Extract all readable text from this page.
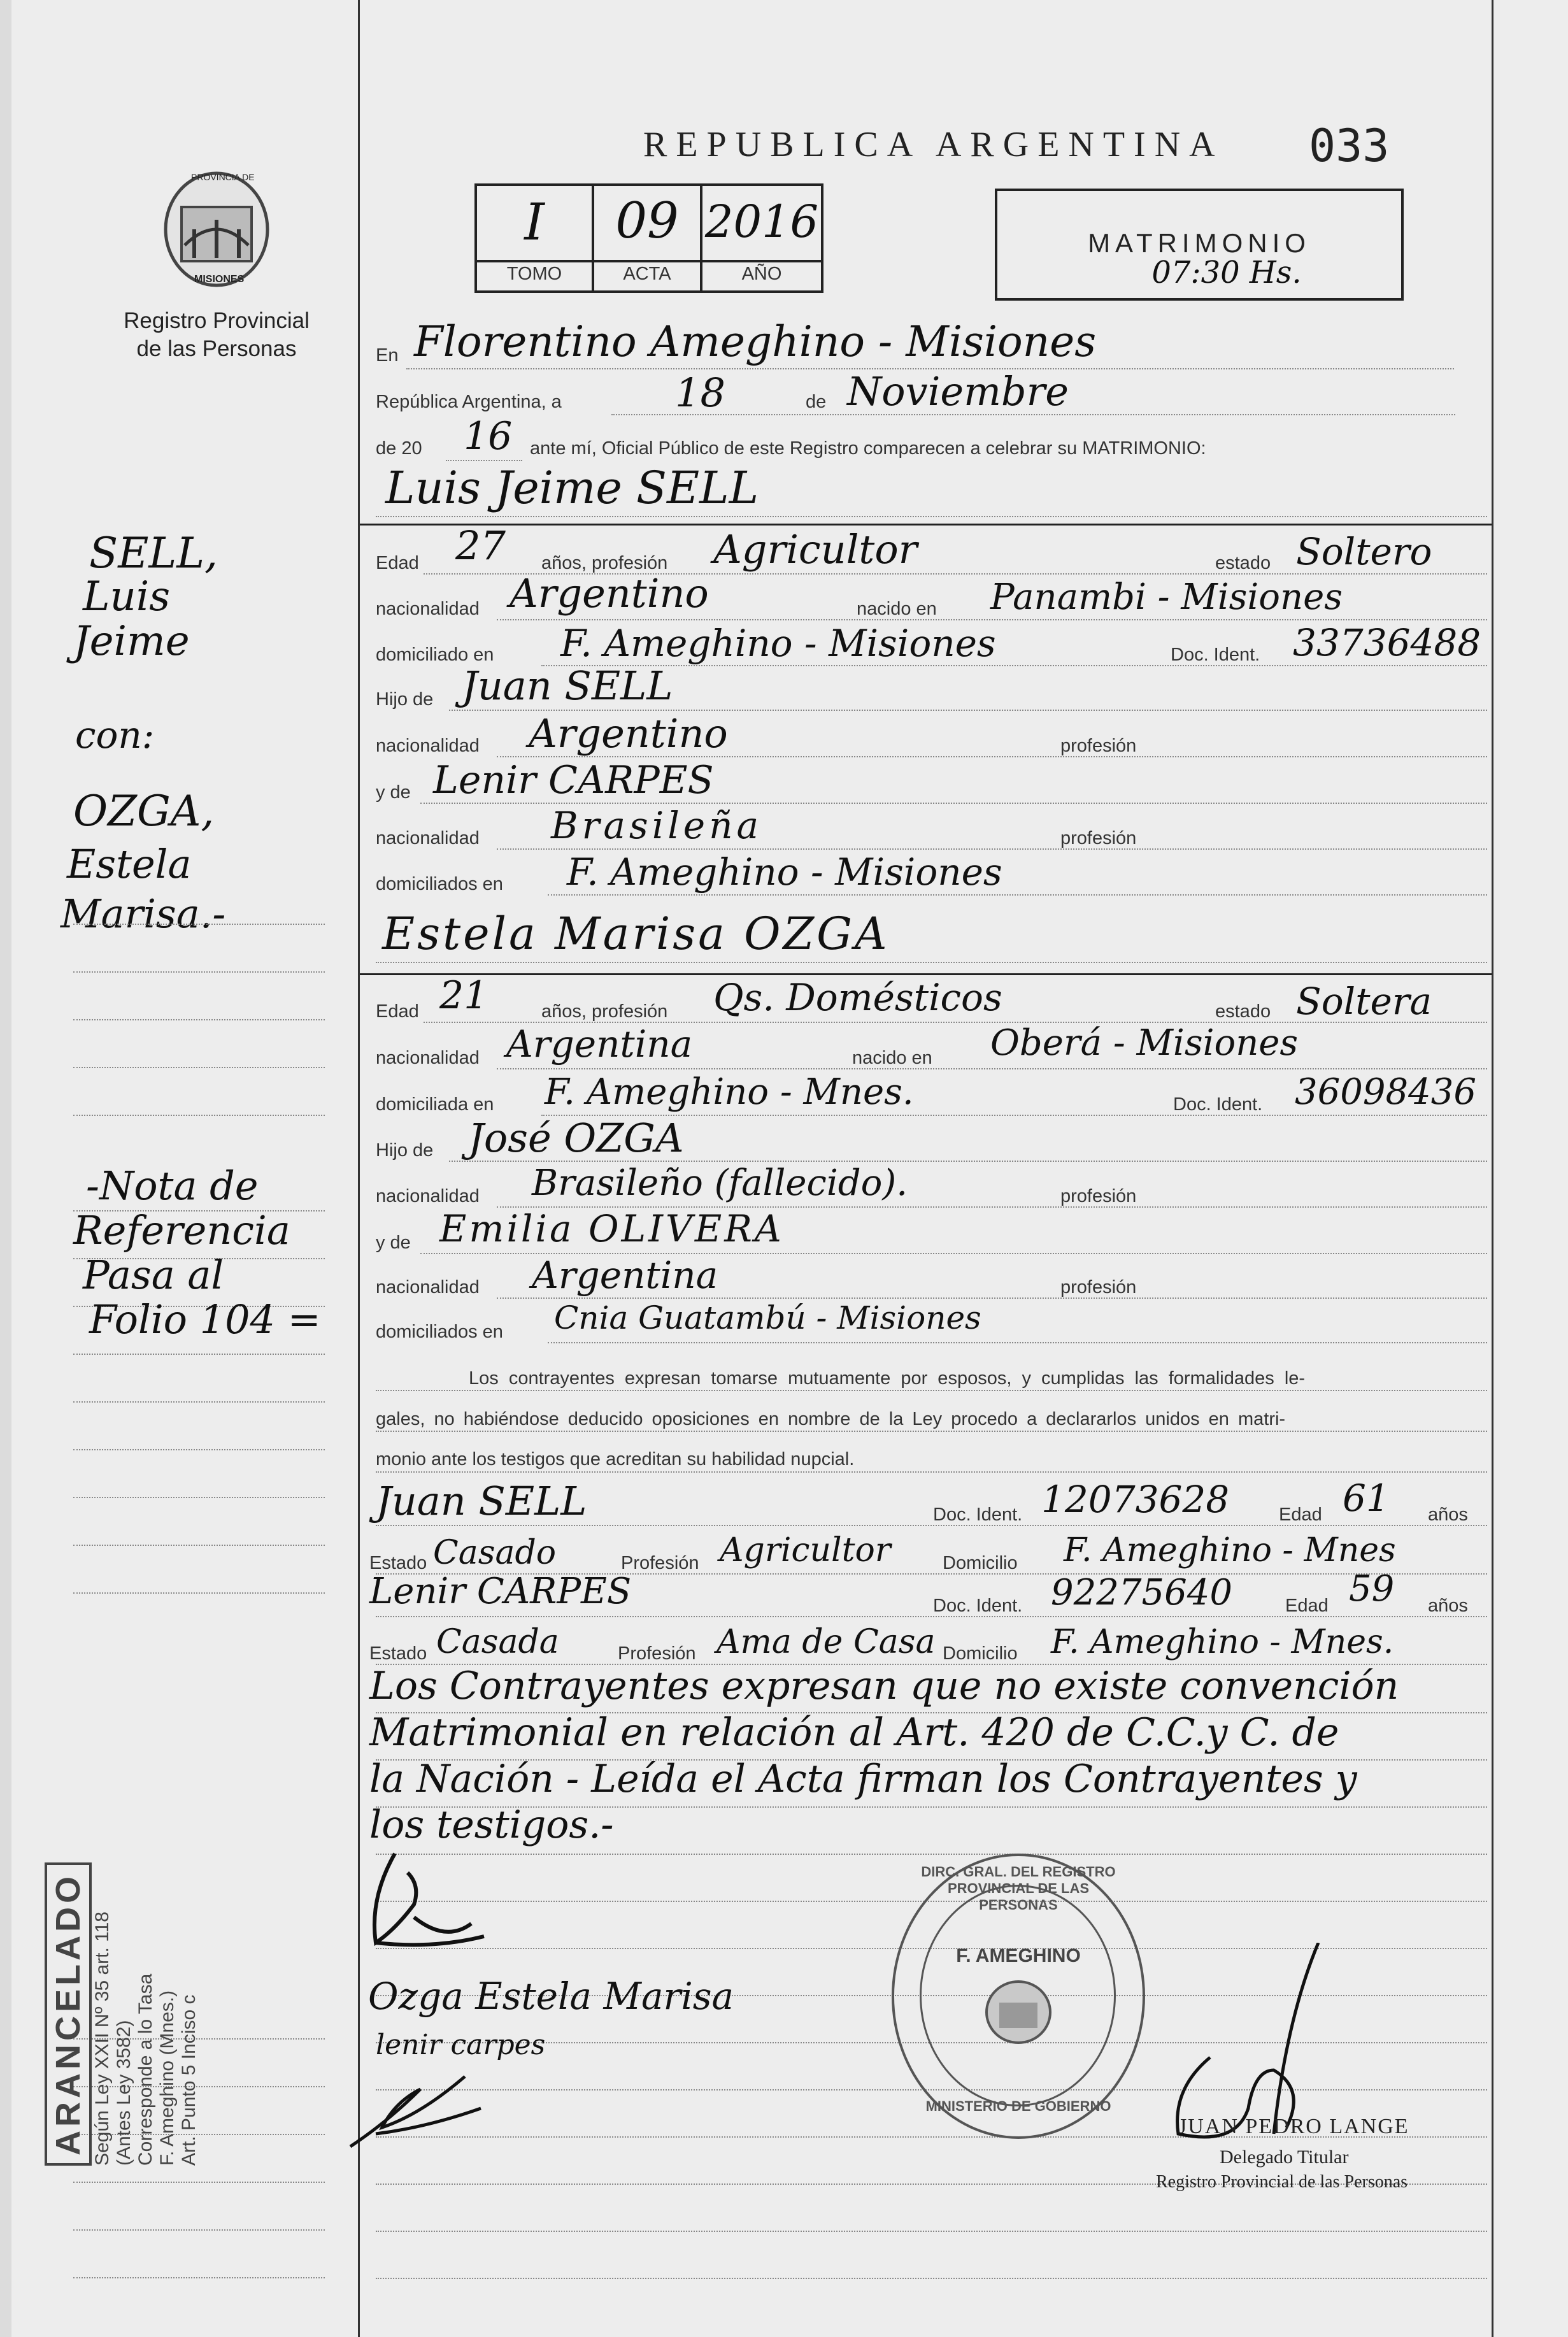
REPUBLICA ARGENTINA 033
PROVINCIA DE
MISIONES
Registro Provincial
de las Personas
I	09 2016
TOMO	ACTA	AÑO
MATRIMONIO
07:30 Hs.
En Florentino Ameghino - Misiones
República Argentina, a	18	de Noviembre
de 20 16 ante mí, Oficial Público de este Registro comparecen a celebrar su MATRIMONIO:
Luis Jeime SELL
Edad 27 años, profesión Agricultor	estado Soltero
nacionalidad Argentino	nacido en Panambi - Misiones
domiciliado en F. Ameghino - Misiones	Doc. Ident. 33736488
Hijo de Juan SELL
nacionalidad Argentino	profesión
y de Lenir CARPES
nacionalidad Brasileña	profesión
domiciliados en F. Ameghino - Misiones
Estela Marisa OZGA
Edad 21	años, profesión Qs. Domésticos	estado Soltera
nacionalidad Argentina	nacido en Oberá - Misiones
domiciliada en F. Ameghino - Mnes.	Doc. Ident. 36098436
Hijo de José OZGA
nacionalidad Brasileño (fallecido).	profesión
y de Emilia OLIVERA
nacionalidad Argentina	profesión
domiciliados en Cnia Guatambú - Misiones
Los contrayentes expresan tomarse mutuamente por esposos, y cumplidas las formalidades le-
gales, no habiéndose deducido oposiciones en nombre de la Ley procedo a declararlos unidos en matri-
monio ante los testigos que acreditan su habilidad nupcial.
Juan SELL	Doc. Ident. 12073628	Edad 61 años
Estado Casado	Profesión Agricultor	Domicilio F. Ameghino - Mnes
Lenir CARPES	Doc. Ident. 92275640	Edad 59 años
Estado Casada	Profesión Ama de Casa Domicilio F. Ameghino - Mnes.
Los Contrayentes expresan que no existe convención
Matrimonial en relación al Art. 420 de C.C.y C. de
la Nación - Leída el Acta firman los Contrayentes y
los testigos.-
Ozga Estela Marisa
lenir carpes
SELL,
Luis
Jeime
con:
OZGA,
Estela
Marisa.-
-Nota de
Referencia
Pasa al
Folio 104 =
ARANCELADO Según Ley XXII Nº 35 art. 118 (Antes Ley 3582) Corresponde a lo Tasa F. Ameghino (Mnes.) Art. Punto 5 Inciso c
DIRC. GRAL. DEL REGISTRO PROVINCIAL DE LAS PERSONAS
F. AMEGHINO
MINISTERIO DE GOBIERNO
JUAN PEDRO LANGE
Delegado Titular
Registro Provincial de las Personas
